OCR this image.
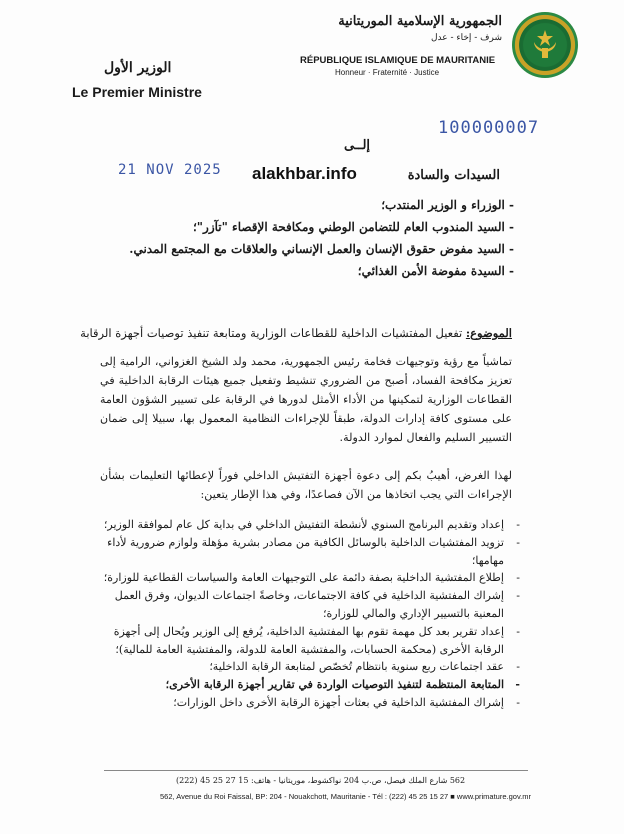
الجمهورية الإسلامية الموريتانية
شرف - إخاء - عدل
RÉPUBLIQUE ISLAMIQUE DE MAURITANIE
Honneur · Fraternité · Justice
الوزير الأول
Le Premier Ministre
100000007
إلــى
21 NOV 2025 alakhbar.info	السيدات والسادة
- الوزراء و الوزير المنتدب؛
- السيد المندوب العام للتضامن الوطني ومكافحة الإقصاء "تآزر"؛
- السيد مفوض حقوق الإنسان والعمل الإنساني والعلاقات مع المجتمع المدني.
- السيدة مفوضة الأمن الغذائي؛
الموضوع: تفعيل المفتشيات الداخلية للقطاعات الوزارية ومتابعة تنفيذ توصيات أجهزة الرقابة
تماشياً مع رؤية وتوجيهات فخامة رئيس الجمهورية، محمد ولد الشيخ الغزواني، الرامية إلى تعزيز مكافحة الفساد، أصبح من الضروري تنشيط وتفعيل جميع هيئات الرقابة الداخلية في القطاعات الوزارية لتمكينها من الأداء الأمثل لدورها في الرقابة على تسيير الشؤون العامة على مستوى كافة إدارات الدولة، طبقاً للإجراءات النظامية المعمول بها، سبيلا إلى ضمان التسيير السليم والفعال لموارد الدولة.
لهذا الغرض، أهيبُ بكم إلى دعوة أجهزة التفتيش الداخلي فوراً لإعطائها التعليمات بشأن الإجراءات التي يجب اتخاذها من الآن فصاعدًا، وفي هذا الإطار يتعين:
- إعداد وتقديم البرنامج السنوي لأنشطة التفتيش الداخلي في بداية كل عام لموافقة الوزير؛
- تزويد المفتشيات الداخلية بالوسائل الكافية من مصادر بشرية مؤهلة ولوازم ضرورية لأداء مهامها؛
- إطلاع المفتشية الداخلية بصفة دائمة على التوجيهات العامة والسياسات القطاعية للوزارة؛
- إشراك المفتشية الداخلية في كافة الاجتماعات، وخاصةً اجتماعات الديوان، وفرق العمل المعنية بالتسيير الإداري والمالي للوزارة؛
- إعداد تقرير بعد كل مهمة تقوم بها المفتشية الداخلية، يُرفع إلى الوزير ويُحال إلى أجهزة الرقابة الأخرى (محكمة الحسابات، والمفتشية العامة للدولة، والمفتشية العامة للمالية)؛
- عقد اجتماعات ربع سنوية بانتظام تُخصّص لمتابعة الرقابة الداخلية؛
- المتابعة المنتظمة لتنفيذ التوصيات الواردة في تقارير أجهزة الرقابة الأخرى؛
- إشراك المفتشية الداخلية في بعثات أجهزة الرقابة الأخرى داخل الوزارات؛
562 شارع الملك فيصل، ص.ب 204 نواكشوط، موريتانيا - هاتف: 15 27 25 45 (222)
562, Avenue du Roi Faissal, BP: 204 - Nouakchott, Mauritanie - Tél : (222) 45 25 15 27 ■ www.primature.gov.mr
